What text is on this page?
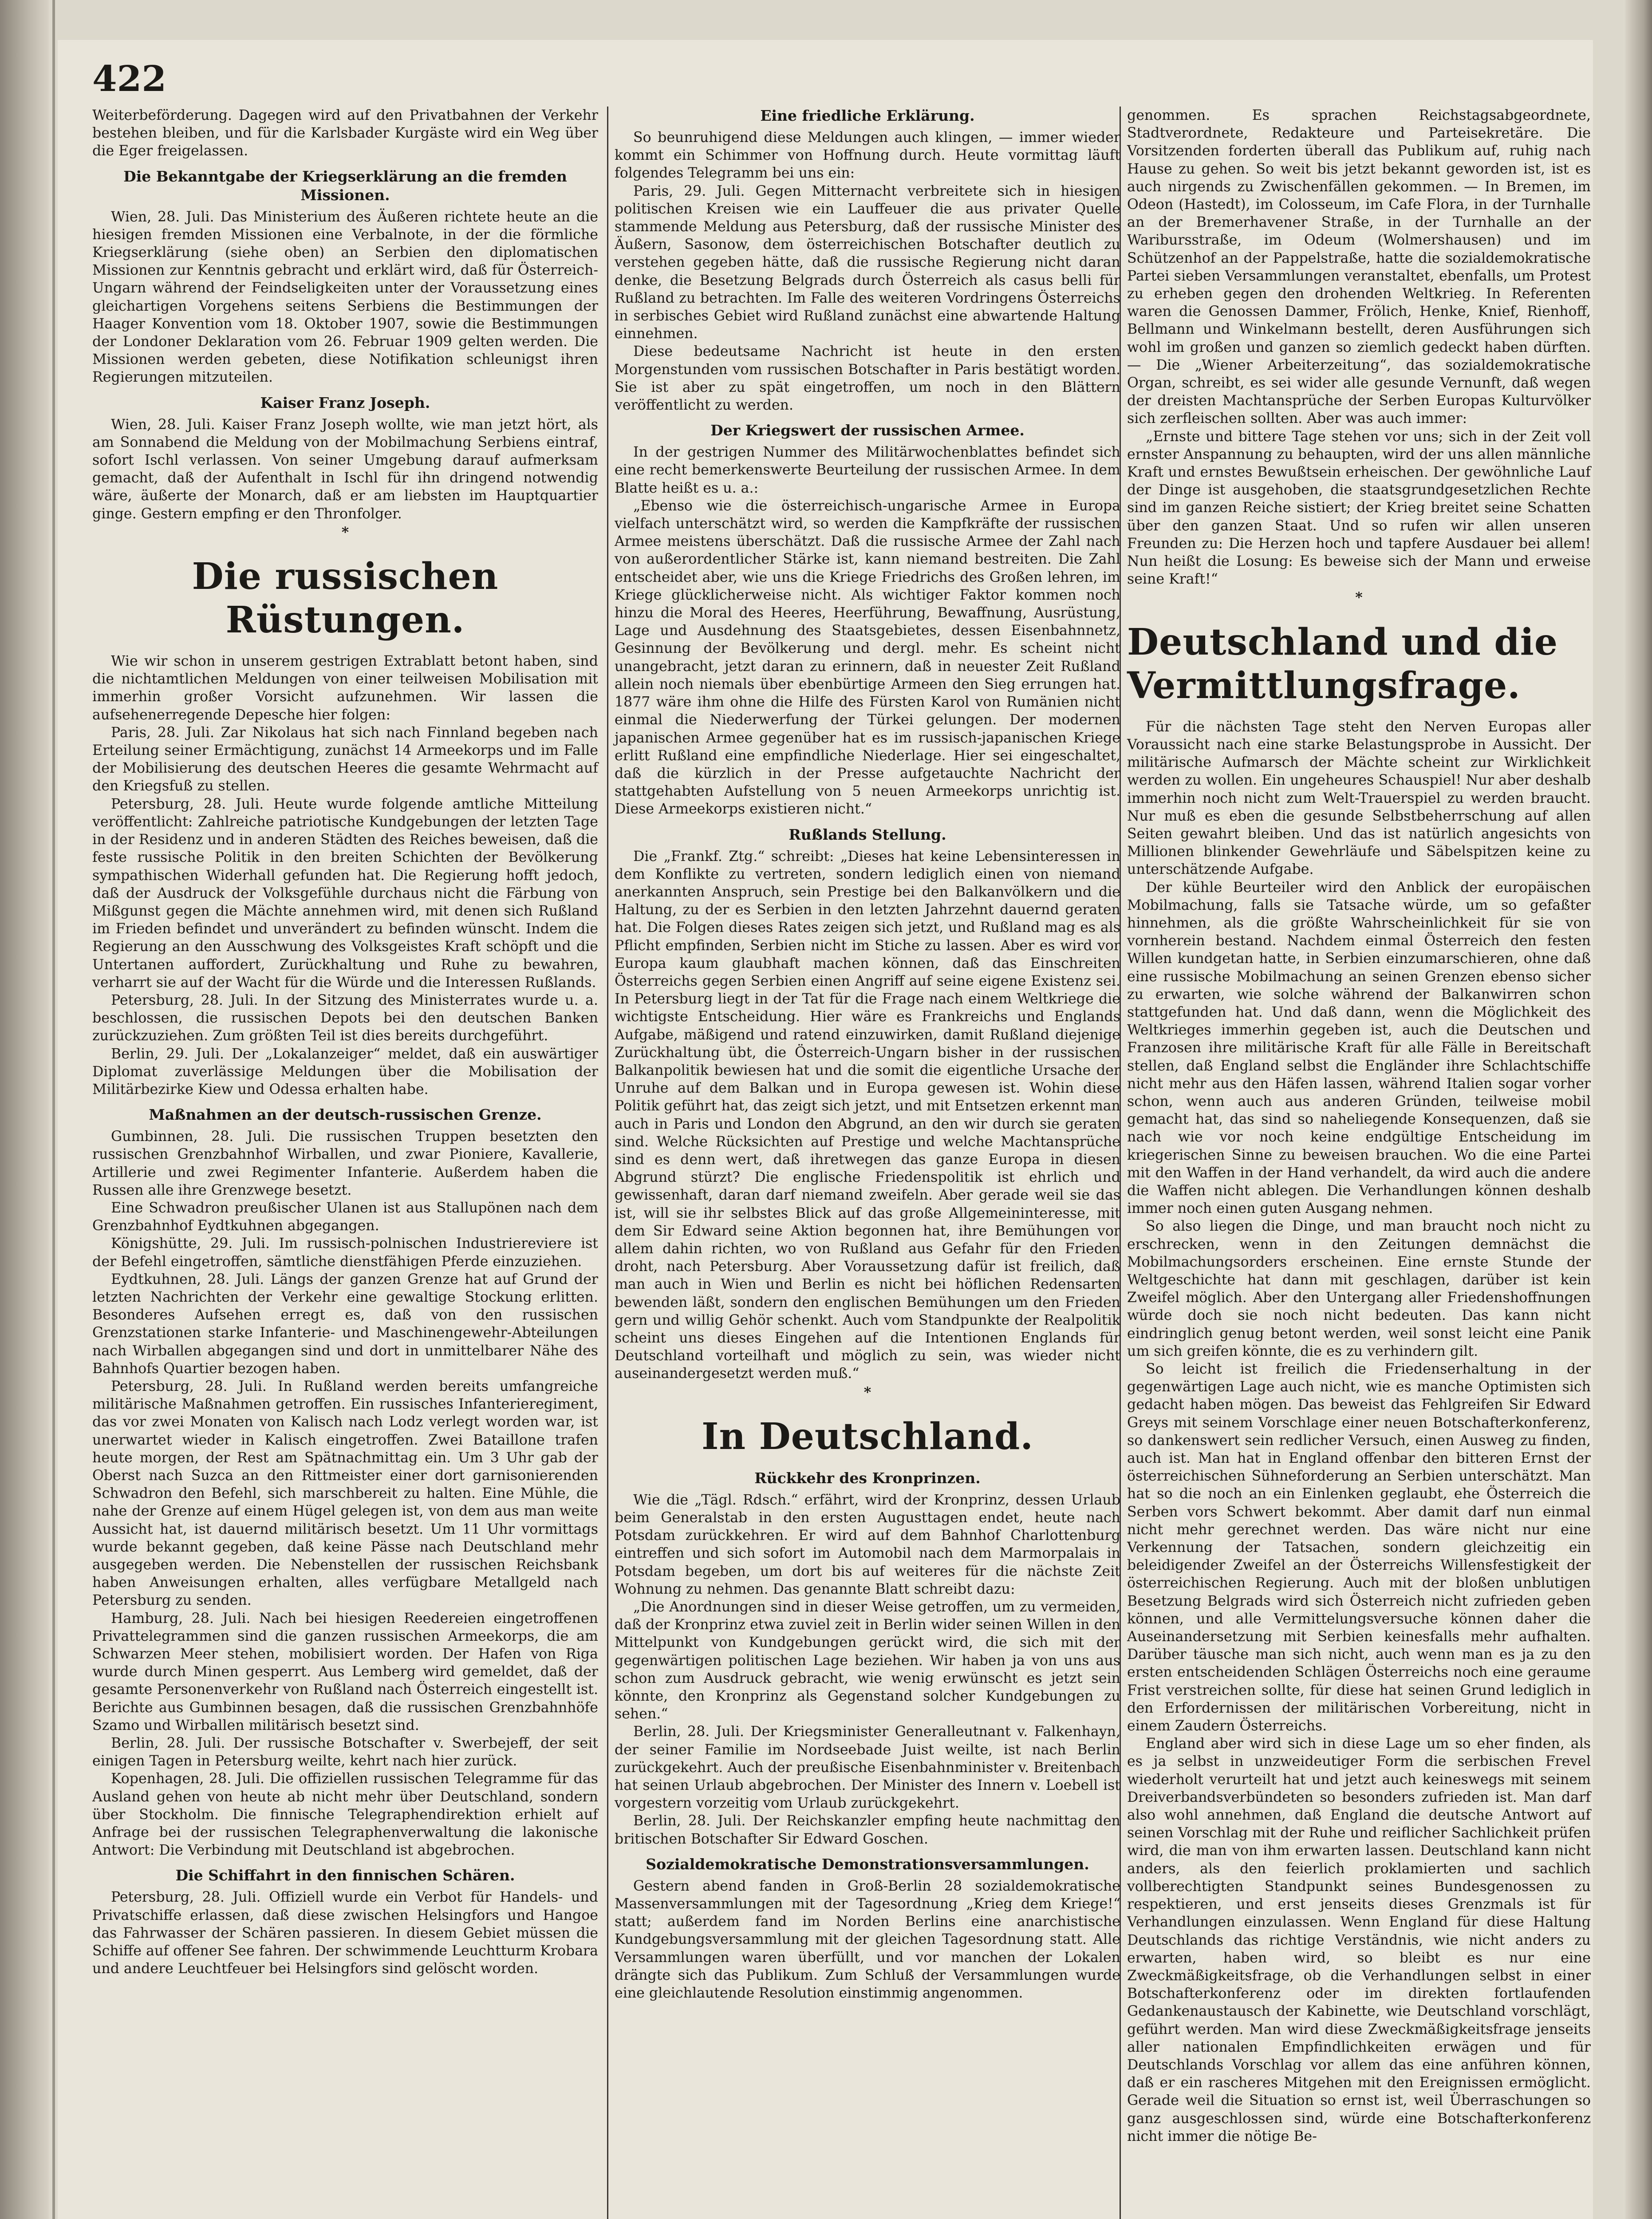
422

Weiterbeförderung. Dagegen wird auf den Privatbahnen der Verkehr bestehen bleiben, und für die Karlsbader Kurgäste wird ein Weg über die Eger freigelassen.

Die Bekanntgabe der Kriegserklärung an die fremden Missionen.

Wien, 28. Juli. Das Ministerium des Äußeren richtete heute an die hiesigen fremden Missionen eine Verbalnote, in der die förmliche Kriegserklärung (siehe oben) an Serbien den diplomatischen Missionen zur Kenntnis gebracht und erklärt wird, daß für Österreich-Ungarn während der Feindseligkeiten unter der Voraussetzung eines gleichartigen Vorgehens seitens Serbiens die Bestimmungen der Haager Konvention vom 18. Oktober 1907, sowie die Bestimmungen der Londoner Deklaration vom 26. Februar 1909 gelten werden. Die Missionen werden gebeten, diese Notifikation schleunigst ihren Regierungen mitzuteilen.

Kaiser Franz Joseph.

Wien, 28. Juli. Kaiser Franz Joseph wollte, wie man jetzt hört, als am Sonnabend die Meldung von der Mobilmachung Serbiens eintraf, sofort Ischl verlassen. Von seiner Umgebung darauf aufmerksam gemacht, daß der Aufenthalt in Ischl für ihn dringend notwendig wäre, äußerte der Monarch, daß er am liebsten im Hauptquartier ginge. Gestern empfing er den Thronfolger.

*
Die russischen Rüstungen.

Wie wir schon in unserem gestrigen Extrablatt betont haben, sind die nichtamtlichen Meldungen von einer teilweisen Mobilisation mit immerhin großer Vorsicht aufzunehmen. Wir lassen die aufsehenerregende Depesche hier folgen:

Paris, 28. Juli. Zar Nikolaus hat sich nach Finnland begeben nach Erteilung seiner Ermächtigung, zunächst 14 Armeekorps und im Falle der Mobilisierung des deutschen Heeres die gesamte Wehrmacht auf den Kriegsfuß zu stellen.

Petersburg, 28. Juli. Heute wurde folgende amtliche Mitteilung veröffentlicht: Zahlreiche patriotische Kundgebungen der letzten Tage in der Residenz und in anderen Städten des Reiches beweisen, daß die feste russische Politik in den breiten Schichten der Bevölkerung sympathischen Widerhall gefunden hat. Die Regierung hofft jedoch, daß der Ausdruck der Volksgefühle durchaus nicht die Färbung von Mißgunst gegen die Mächte annehmen wird, mit denen sich Rußland im Frieden befindet und unverändert zu befinden wünscht. Indem die Regierung an den Ausschwung des Volksgeistes Kraft schöpft und die Untertanen auffordert, Zurückhaltung und Ruhe zu bewahren, verharrt sie auf der Wacht für die Würde und die Interessen Rußlands.

Petersburg, 28. Juli. In der Sitzung des Ministerrates wurde u. a. beschlossen, die russischen Depots bei den deutschen Banken zurückzuziehen. Zum größten Teil ist dies bereits durchgeführt.

Berlin, 29. Juli. Der „Lokalanzeiger“ meldet, daß ein auswärtiger Diplomat zuverlässige Meldungen über die Mobilisation der Militärbezirke Kiew und Odessa erhalten habe.

Maßnahmen an der deutsch-russischen Grenze.

Gumbinnen, 28. Juli. Die russischen Truppen besetzten den russischen Grenzbahnhof Wirballen, und zwar Pioniere, Kavallerie, Artillerie und zwei Regimenter Infanterie. Außerdem haben die Russen alle ihre Grenzwege besetzt.

Eine Schwadron preußischer Ulanen ist aus Stallupönen nach dem Grenzbahnhof Eydtkuhnen abgegangen.

Königshütte, 29. Juli. Im russisch-polnischen Industriereviere ist der Befehl eingetroffen, sämtliche dienstfähigen Pferde einzuziehen.

Eydtkuhnen, 28. Juli. Längs der ganzen Grenze hat auf Grund der letzten Nachrichten der Verkehr eine gewaltige Stockung erlitten. Besonderes Aufsehen erregt es, daß von den russischen Grenzstationen starke Infanterie- und Maschinengewehr-Abteilungen nach Wirballen abgegangen sind und dort in unmittelbarer Nähe des Bahnhofs Quartier bezogen haben.

Petersburg, 28. Juli. In Rußland werden bereits umfangreiche militärische Maßnahmen getroffen. Ein russisches Infanterieregiment, das vor zwei Monaten von Kalisch nach Lodz verlegt worden war, ist unerwartet wieder in Kalisch eingetroffen. Zwei Bataillone trafen heute morgen, der Rest am Spätnachmittag ein. Um 3 Uhr gab der Oberst nach Suzca an den Rittmeister einer dort garnisonierenden Schwadron den Befehl, sich marschbereit zu halten. Eine Mühle, die nahe der Grenze auf einem Hügel gelegen ist, von dem aus man weite Aussicht hat, ist dauernd militärisch besetzt. Um 11 Uhr vormittags wurde bekannt gegeben, daß keine Pässe nach Deutschland mehr ausgegeben werden. Die Nebenstellen der russischen Reichsbank haben Anweisungen erhalten, alles verfügbare Metallgeld nach Petersburg zu senden.

Hamburg, 28. Juli. Nach bei hiesigen Reedereien eingetroffenen Privattelegrammen sind die ganzen russischen Armeekorps, die am Schwarzen Meer stehen, mobilisiert worden. Der Hafen von Riga wurde durch Minen gesperrt. Aus Lemberg wird gemeldet, daß der gesamte Personenverkehr von Rußland nach Österreich eingestellt ist. Berichte aus Gumbinnen besagen, daß die russischen Grenzbahnhöfe Szamo und Wirballen militärisch besetzt sind.

Berlin, 28. Juli. Der russische Botschafter v. Swerbejeff, der seit einigen Tagen in Petersburg weilte, kehrt nach hier zurück.

Kopenhagen, 28. Juli. Die offiziellen russischen Telegramme für das Ausland gehen von heute ab nicht mehr über Deutschland, sondern über Stockholm. Die finnische Telegraphendirektion erhielt auf Anfrage bei der russischen Telegraphenverwaltung die lakonische Antwort: Die Verbindung mit Deutschland ist abgebrochen.

Die Schiffahrt in den finnischen Schären.

Petersburg, 28. Juli. Offiziell wurde ein Verbot für Handels- und Privatschiffe erlassen, daß diese zwischen Helsingfors und Hangoe das Fahrwasser der Schären passieren. In diesem Gebiet müssen die Schiffe auf offener See fahren. Der schwimmende Leuchtturm Krobara und andere Leuchtfeuer bei Helsingfors sind gelöscht worden.

Eine friedliche Erklärung.

So beunruhigend diese Meldungen auch klingen, — immer wieder kommt ein Schimmer von Hoffnung durch. Heute vormittag läuft folgendes Telegramm bei uns ein:

Paris, 29. Juli. Gegen Mitternacht verbreitete sich in hiesigen politischen Kreisen wie ein Lauffeuer die aus privater Quelle stammende Meldung aus Petersburg, daß der russische Minister des Äußern, Sasonow, dem österreichischen Botschafter deutlich zu verstehen gegeben hätte, daß die russische Regierung nicht daran denke, die Besetzung Belgrads durch Österreich als casus belli für Rußland zu betrachten. Im Falle des weiteren Vordringens Österreichs in serbisches Gebiet wird Rußland zunächst eine abwartende Haltung einnehmen.

Diese bedeutsame Nachricht ist heute in den ersten Morgenstunden vom russischen Botschafter in Paris bestätigt worden. Sie ist aber zu spät eingetroffen, um noch in den Blättern veröffentlicht zu werden.

Der Kriegswert der russischen Armee.

In der gestrigen Nummer des Militärwochenblattes befindet sich eine recht bemerkenswerte Beurteilung der russischen Armee. In dem Blatte heißt es u. a.:

„Ebenso wie die österreichisch-ungarische Armee in Europa vielfach unterschätzt wird, so werden die Kampfkräfte der russischen Armee meistens überschätzt. Daß die russische Armee der Zahl nach von außerordentlicher Stärke ist, kann niemand bestreiten. Die Zahl entscheidet aber, wie uns die Kriege Friedrichs des Großen lehren, im Kriege glücklicherweise nicht. Als wichtiger Faktor kommen noch hinzu die Moral des Heeres, Heerführung, Bewaffnung, Ausrüstung, Lage und Ausdehnung des Staatsgebietes, dessen Eisenbahnnetz, Gesinnung der Bevölkerung und dergl. mehr. Es scheint nicht unangebracht, jetzt daran zu erinnern, daß in neuester Zeit Rußland allein noch niemals über ebenbürtige Armeen den Sieg errungen hat. 1877 wäre ihm ohne die Hilfe des Fürsten Karol von Rumänien nicht einmal die Niederwerfung der Türkei gelungen. Der modernen japanischen Armee gegenüber hat es im russisch-japanischen Kriege erlitt Rußland eine empfindliche Niederlage. Hier sei eingeschaltet, daß die kürzlich in der Presse aufgetauchte Nachricht der stattgehabten Aufstellung von 5 neuen Armeekorps unrichtig ist. Diese Armeekorps existieren nicht.“

Rußlands Stellung.

Die „Frankf. Ztg.“ schreibt: „Dieses hat keine Lebensinteressen in dem Konflikte zu vertreten, sondern lediglich einen von niemand anerkannten Anspruch, sein Prestige bei den Balkanvölkern und die Haltung, zu der es Serbien in den letzten Jahrzehnt dauernd geraten hat. Die Folgen dieses Rates zeigen sich jetzt, und Rußland mag es als Pflicht empfinden, Serbien nicht im Stiche zu lassen. Aber es wird vor Europa kaum glaubhaft machen können, daß das Einschreiten Österreichs gegen Serbien einen Angriff auf seine eigene Existenz sei. In Petersburg liegt in der Tat für die Frage nach einem Weltkriege die wichtigste Entscheidung. Hier wäre es Frankreichs und Englands Aufgabe, mäßigend und ratend einzuwirken, damit Rußland diejenige Zurückhaltung übt, die Österreich-Ungarn bisher in der russischen Balkanpolitik bewiesen hat und die somit die eigentliche Ursache der Unruhe auf dem Balkan und in Europa gewesen ist. Wohin diese Politik geführt hat, das zeigt sich jetzt, und mit Entsetzen erkennt man auch in Paris und London den Abgrund, an den wir durch sie geraten sind. Welche Rücksichten auf Prestige und welche Machtansprüche sind es denn wert, daß ihretwegen das ganze Europa in diesen Abgrund stürzt? Die englische Friedenspolitik ist ehrlich und gewissenhaft, daran darf niemand zweifeln. Aber gerade weil sie das ist, will sie ihr selbstes Blick auf das große Allgemeininteresse, mit dem Sir Edward seine Aktion begonnen hat, ihre Bemühungen vor allem dahin richten, wo von Rußland aus Gefahr für den Frieden droht, nach Petersburg. Aber Voraussetzung dafür ist freilich, daß man auch in Wien und Berlin es nicht bei höflichen Redensarten bewenden läßt, sondern den englischen Bemühungen um den Frieden gern und willig Gehör schenkt. Auch vom Standpunkte der Realpolitik scheint uns dieses Eingehen auf die Intentionen Englands für Deutschland vorteilhaft und möglich zu sein, was wieder nicht auseinandergesetzt werden muß.“

*
In Deutschland.
Rückkehr des Kronprinzen.

Wie die „Tägl. Rdsch.“ erfährt, wird der Kronprinz, dessen Urlaub beim Generalstab in den ersten Augusttagen endet, heute nach Potsdam zurückkehren. Er wird auf dem Bahnhof Charlottenburg eintreffen und sich sofort im Automobil nach dem Marmorpalais in Potsdam begeben, um dort bis auf weiteres für die nächste Zeit Wohnung zu nehmen. Das genannte Blatt schreibt dazu:

„Die Anordnungen sind in dieser Weise getroffen, um zu vermeiden, daß der Kronprinz etwa zuviel zeit in Berlin wider seinen Willen in den Mittelpunkt von Kundgebungen gerückt wird, die sich mit der gegenwärtigen politischen Lage beziehen. Wir haben ja von uns aus schon zum Ausdruck gebracht, wie wenig erwünscht es jetzt sein könnte, den Kronprinz als Gegenstand solcher Kundgebungen zu sehen.“

Berlin, 28. Juli. Der Kriegsminister Generalleutnant v. Falkenhayn, der seiner Familie im Nordseebade Juist weilte, ist nach Berlin zurückgekehrt. Auch der preußische Eisenbahnminister v. Breitenbach hat seinen Urlaub abgebrochen. Der Minister des Innern v. Loebell ist vorgestern vorzeitig vom Urlaub zurückgekehrt.

Berlin, 28. Juli. Der Reichskanzler empfing heute nachmittag den britischen Botschafter Sir Edward Goschen.

Sozialdemokratische Demonstrationsversammlungen.

Gestern abend fanden in Groß-Berlin 28 sozialdemokratische Massenversammlungen mit der Tagesordnung „Krieg dem Kriege!“ statt; außerdem fand im Norden Berlins eine anarchistische Kundgebungsversammlung mit der gleichen Tagesordnung statt. Alle Versammlungen waren überfüllt, und vor manchen der Lokalen drängte sich das Publikum. Zum Schluß der Versammlungen wurde eine gleichlautende Resolution einstimmig angenommen.

genommen. Es sprachen Reichstagsabgeordnete, Stadtverordnete, Redakteure und Parteisekretäre. Die Vorsitzenden forderten überall das Publikum auf, ruhig nach Hause zu gehen. So weit bis jetzt bekannt geworden ist, ist es auch nirgends zu Zwischenfällen gekommen. — In Bremen, im Odeon (Hastedt), im Colosseum, im Cafe Flora, in der Turnhalle an der Bremerhavener Straße, in der Turnhalle an der Waribursstraße, im Odeum (Wolmershausen) und im Schützenhof an der Pappelstraße, hatte die sozialdemokratische Partei sieben Versammlungen veranstaltet, ebenfalls, um Protest zu erheben gegen den drohenden Weltkrieg. In Referenten waren die Genossen Dammer, Frölich, Henke, Knief, Rienhoff, Bellmann und Winkelmann bestellt, deren Ausführungen sich wohl im großen und ganzen so ziemlich gedeckt haben dürften. — Die „Wiener Arbeiterzeitung“, das sozialdemokratische Organ, schreibt, es sei wider alle gesunde Vernunft, daß wegen der dreisten Machtansprüche der Serben Europas Kulturvölker sich zerfleischen sollten. Aber was auch immer:

„Ernste und bittere Tage stehen vor uns; sich in der Zeit voll ernster Anspannung zu behaupten, wird der uns allen männliche Kraft und ernstes Bewußtsein erheischen. Der gewöhnliche Lauf der Dinge ist ausgehoben, die staatsgrundgesetzlichen Rechte sind im ganzen Reiche sistiert; der Krieg breitet seine Schatten über den ganzen Staat. Und so rufen wir allen unseren Freunden zu: Die Herzen hoch und tapfere Ausdauer bei allem! Nun heißt die Losung: Es beweise sich der Mann und erweise seine Kraft!“

*
Deutschland und die Vermittlungsfrage.

Für die nächsten Tage steht den Nerven Europas aller Voraussicht nach eine starke Belastungsprobe in Aussicht. Der militärische Aufmarsch der Mächte scheint zur Wirklichkeit werden zu wollen. Ein ungeheures Schauspiel! Nur aber deshalb immerhin noch nicht zum Welt-Trauerspiel zu werden braucht. Nur muß es eben die gesunde Selbstbeherrschung auf allen Seiten gewahrt bleiben. Und das ist natürlich angesichts von Millionen blinkender Gewehrläufe und Säbelspitzen keine zu unterschätzende Aufgabe.

Der kühle Beurteiler wird den Anblick der europäischen Mobilmachung, falls sie Tatsache würde, um so gefaßter hinnehmen, als die größte Wahrscheinlichkeit für sie von vornherein bestand. Nachdem einmal Österreich den festen Willen kundgetan hatte, in Serbien einzumarschieren, ohne daß eine russische Mobilmachung an seinen Grenzen ebenso sicher zu erwarten, wie solche während der Balkanwirren schon stattgefunden hat. Und daß dann, wenn die Möglichkeit des Weltkrieges immerhin gegeben ist, auch die Deutschen und Franzosen ihre militärische Kraft für alle Fälle in Bereitschaft stellen, daß England selbst die Engländer ihre Schlachtschiffe nicht mehr aus den Häfen lassen, während Italien sogar vorher schon, wenn auch aus anderen Gründen, teilweise mobil gemacht hat, das sind so naheliegende Konsequenzen, daß sie nach wie vor noch keine endgültige Entscheidung im kriegerischen Sinne zu beweisen brauchen. Wo die eine Partei mit den Waffen in der Hand verhandelt, da wird auch die andere die Waffen nicht ablegen. Die Verhandlungen können deshalb immer noch einen guten Ausgang nehmen.

So also liegen die Dinge, und man braucht noch nicht zu erschrecken, wenn in den Zeitungen demnächst die Mobilmachungsorders erscheinen. Eine ernste Stunde der Weltgeschichte hat dann mit geschlagen, darüber ist kein Zweifel möglich. Aber den Untergang aller Friedenshoffnungen würde doch sie noch nicht bedeuten. Das kann nicht eindringlich genug betont werden, weil sonst leicht eine Panik um sich greifen könnte, die es zu verhindern gilt.

So leicht ist freilich die Friedenserhaltung in der gegenwärtigen Lage auch nicht, wie es manche Optimisten sich gedacht haben mögen. Das beweist das Fehlgreifen Sir Edward Greys mit seinem Vorschlage einer neuen Botschafterkonferenz, so dankenswert sein redlicher Versuch, einen Ausweg zu finden, auch ist. Man hat in England offenbar den bitteren Ernst der österreichischen Sühneforderung an Serbien unterschätzt. Man hat so die noch an ein Einlenken geglaubt, ehe Österreich die Serben vors Schwert bekommt. Aber damit darf nun einmal nicht mehr gerechnet werden. Das wäre nicht nur eine Verkennung der Tatsachen, sondern gleichzeitig ein beleidigender Zweifel an der Österreichs Willensfestigkeit der österreichischen Regierung. Auch mit der bloßen unblutigen Besetzung Belgrads wird sich Österreich nicht zufrieden geben können, und alle Vermittelungsversuche können daher die Auseinandersetzung mit Serbien keinesfalls mehr aufhalten. Darüber täusche man sich nicht, auch wenn man es ja zu den ersten entscheidenden Schlägen Österreichs noch eine geraume Frist verstreichen sollte, für diese hat seinen Grund lediglich in den Erfordernissen der militärischen Vorbereitung, nicht in einem Zaudern Österreichs.

England aber wird sich in diese Lage um so eher finden, als es ja selbst in unzweideutiger Form die serbischen Frevel wiederholt verurteilt hat und jetzt auch keineswegs mit seinem Dreiverbandsverbündeten so besonders zufrieden ist. Man darf also wohl annehmen, daß England die deutsche Antwort auf seinen Vorschlag mit der Ruhe und reiflicher Sachlichkeit prüfen wird, die man von ihm erwarten lassen. Deutschland kann nicht anders, als den feierlich proklamierten und sachlich vollberechtigten Standpunkt seines Bundesgenossen zu respektieren, und erst jenseits dieses Grenzmals ist für Verhandlungen einzulassen. Wenn England für diese Haltung Deutschlands das richtige Verständnis, wie nicht anders zu erwarten, haben wird, so bleibt es nur eine Zweckmäßigkeitsfrage, ob die Verhandlungen selbst in einer Botschafterkonferenz oder im direkten fortlaufenden Gedankenaustausch der Kabinette, wie Deutschland vorschlägt, geführt werden. Man wird diese Zweckmäßigkeitsfrage jenseits aller nationalen Empfindlichkeiten erwägen und für Deutschlands Vorschlag vor allem das eine anführen können, daß er ein rascheres Mitgehen mit den Ereignissen ermöglicht. Gerade weil die Situation so ernst ist, weil Überraschungen so ganz ausgeschlossen sind, würde eine Botschafterkonferenz nicht immer die nötige Be-
